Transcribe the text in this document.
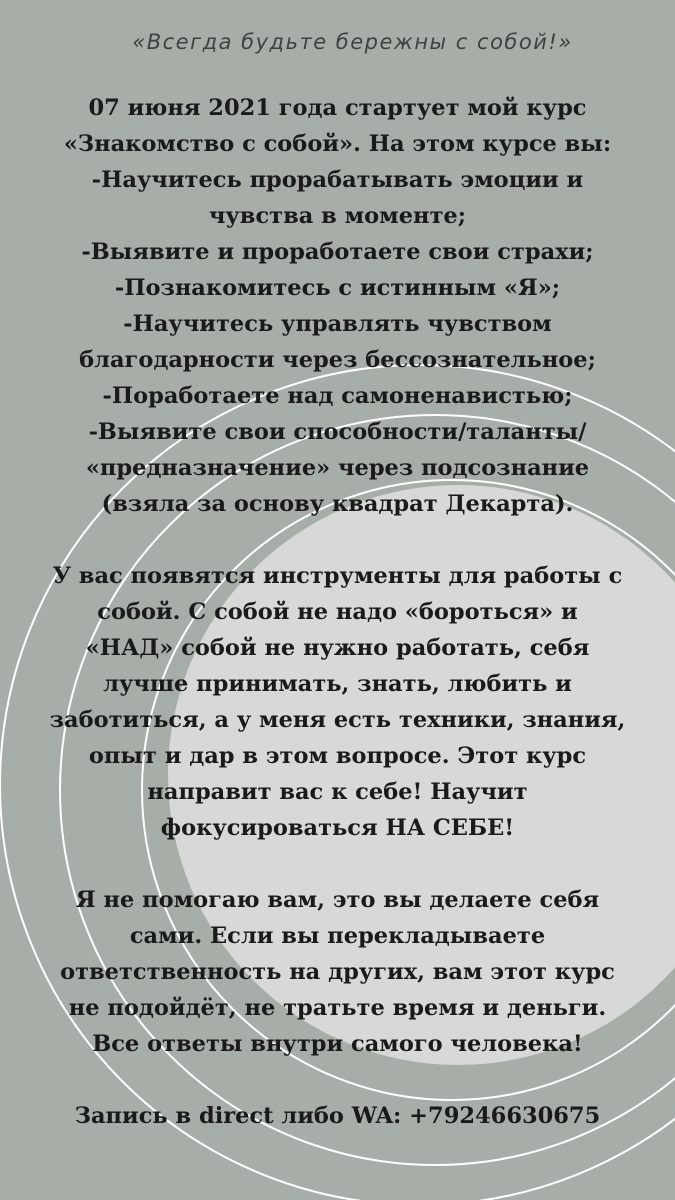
«Всегда будьте бережны с собой!»

07 июня 2021 года стартует мой курс
«Знакомство с собой». На этом курсе вы:
-Научитесь прорабатывать эмоции и
чувства в моменте;
-Выявите и проработаете свои страхи;
-Познакомитесь с истинным «Я»;
-Научитесь управлять чувством
благодарности через бессознательное;
-Поработаете над самоненавистью;
-Выявите свои способности/таланты/
«предназначение» через подсознание
(взяла за основу квадрат Декарта).
У вас появятся инструменты для работы с
собой. С собой не надо «бороться» и
«НАД» собой не нужно работать, себя
лучше принимать, знать, любить и
заботиться, а у меня есть техники, знания,
опыт и дар в этом вопросе. Этот курс
направит вас к себе! Научит
фокусироваться НА СЕБЕ!
Я не помогаю вам, это вы делаете себя
сами. Если вы перекладываете
ответственность на других, вам этот курс
не подойдёт, не тратьте время и деньги.
Все ответы внутри самого человека!
Запись в direct либо WA: +79246630675
